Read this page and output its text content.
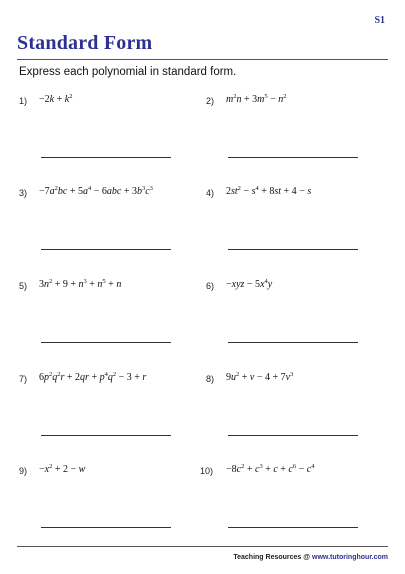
S1
Standard Form
Express each polynomial in standard form.
$1) -2k + k^2$	2) $m^2n + 3m^5 - n^2$
$3) -7a^2bc + 5a^4 - 6abc + 3b^3c^3$	4) $2st^2 - s^4 + 8st + 4 - s$
5) $3n^2 + 9 + n^3 + n^5 + n$	$6) -xyz - 5x^4y$
7) $6p^2q^2r + 2qr + p^4q^2 - 3 + r$	8) $9u^2 + v - 4 + 7v^3$
$9) -x^2 + 2 - w$	$10) -8c^2 + c^3 + c + c^6 - c^4$
Teaching Resources @ www.tutoringhour.com
